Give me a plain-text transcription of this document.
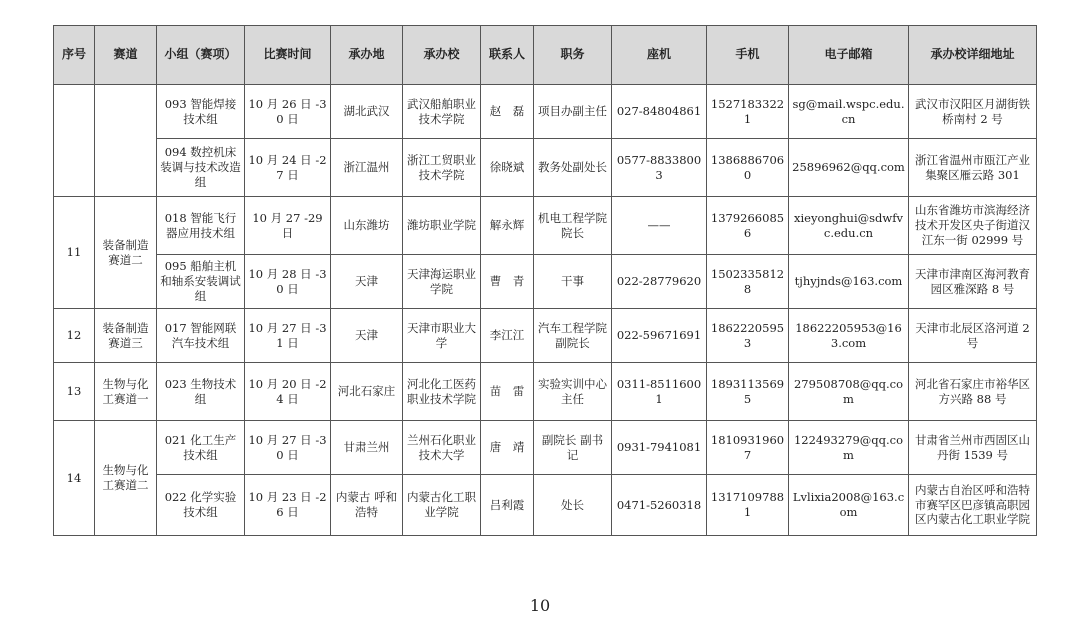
序号	赛道	小组（赛项）	比赛时间	承办地	承办校	联系人	职务	座机	手机	电子邮箱	承办校详细地址
		093 智能焊接技术组	10 月 26 日 -30 日	湖北武汉	武汉船舶职业技术学院	赵　磊	项目办副主任	027-84804861	15271833221	sg@mail.wspc.edu.cn	武汉市汉阳区月湖街铁桥南村 2 号
		094 数控机床装调与技术改造组	10 月 24 日 -27 日	浙江温州	浙江工贸职业技术学院	徐晓斌	教务处副处长	0577-88338003	13868867060	25896962@qq.com	浙江省温州市瓯江产业集聚区雁云路 301
11	装备制造赛道二	018 智能飞行器应用技术组	10 月 27 -29 日	山东潍坊	潍坊职业学院	解永辉	机电工程学院院长	——	13792660856	xieyonghui@sdwfvc.edu.cn	山东省潍坊市滨海经济技术开发区央子街道汉江东一街 02999 号
		095 船舶主机和轴系安装调试组	10 月 28 日 -30 日	天津	天津海运职业学院	曹　青	干事	022-28779620	15023358128	tjhyjnds@163.com	天津市津南区海河教育园区雅深路 8 号
12	装备制造赛道三	017 智能网联汽车技术组	10 月 27 日 -31 日	天津	天津市职业大学	李江江	汽车工程学院副院长	022-59671691	18622205953	18622205953@163.com	天津市北辰区洛河道 2 号
13	生物与化工赛道一	023 生物技术组	10 月 20 日 -24 日	河北石家庄	河北化工医药职业技术学院	苗　雷	实验实训中心主任	0311-85116001	18931135695	279508708@qq.com	河北省石家庄市裕华区方兴路 88 号
14	生物与化工赛道二	021 化工生产技术组	10 月 27 日 -30 日	甘肃兰州	兰州石化职业技术大学	唐　靖	副院长 副书记	0931-7941081	18109319607	122493279@qq.com	甘肃省兰州市西固区山丹街 1539 号
		022 化学实验技术组	10 月 23 日 -26 日	内蒙古 呼和浩特	内蒙古化工职业学院	吕利霞	处长	0471-5260318	13171097881	Lvlixia2008@163.com	内蒙古自治区呼和浩特市赛罕区巴彦镇高职园区内蒙古化工职业学院
10
